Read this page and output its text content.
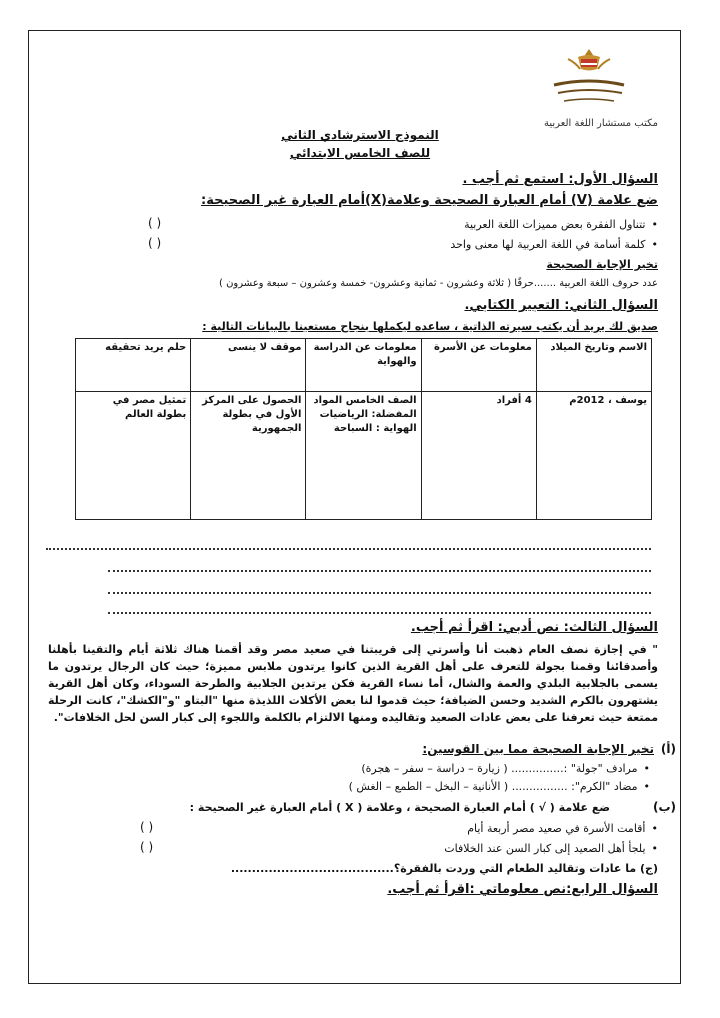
مكتب مستشار اللغة العربية
النموذج الاسترشادي الثاني
للصف الخامس الابتدائي
السؤال الأول: استمع ثم أجب .
ضع علامة (V) أمام العبارة الصحيحة وعلامة(X)أمام العبارة غير الصحيحة:
• تتناول الفقرة بعض مميزات اللغة العربية
( )
• كلمة أسامة في اللغة العربية لها معنى واحد
( )
تخير الإجابة الصحيحة
عدد حروف اللغة العربية .......حرفًا ( ثلاثة وعشرون - ثمانية وعشرون- خمسة وعشرون – سبعة وعشرون )
السؤال الثاني: التعبير الكتابي.
صديق لك يريد أن يكتب سيرته الذاتية ، ساعده ليكملها بنجاح مستعينا بالبيانات التالية :
الاسم وتاريخ الميلاد	معلومات عن الأسرة	معلومات عن الدراسة والهواية	موقف لا ينسى	حلم يريد تحقيقه
يوسف ، 2012م	4 أفراد	الصف الخامس المواد المفضلة: الرياضيات الهواية : السباحة	الحصول على المركز الأول في بطولة الجمهورية	تمثيل مصر في بطولة العالم
السؤال الثالث: نص أدبي: اقرأ ثم أجب.
" في إجازة نصف العام ذهبت أنا وأسرتي إلى قريبتنا في صعيد مصر وقد أقمنا هناك ثلاثة أيام والتقينا بأهلنا وأصدقائنا وقمنا بجولة للتعرف على أهل القرية الذين كانوا يرتدون ملابس مميزة؛ حيث كان الرجال يرتدون ما يسمى بالجلابية البلدي والعمة والشال، أما نساء القرية فكن يرتدين الجلابية والطرحة السوداء، وكان أهل القرية يشتهرون بالكرم الشديد وحسن الضيافة؛ حيث قدموا لنا بعض الأكلات اللذيذة منها "البتاو "و"الكشك"، كانت الرحلة ممتعة حيث تعرفنا على بعض عادات الصعيد وتقاليده ومنها الالتزام بالكلمة واللجوء إلى كبار السن لحل الخلافات".
(أ)
تخير الإجابة الصحيحة مما بين القوسين:
• مرادف "جولة" :............... ( زيارة – دراسة – سفر – هجرة)
• مضاد "الكرم": ................ ( الأنانية – البخل – الطمع – الغش )
(ب)
ضع علامة ( √ ) أمام العبارة الصحيحة ، وعلامة ( X ) أمام العبارة غير الصحيحة :
• أقامت الأسرة في صعيد مصر أربعة أيام
( )
• يلجأ أهل الصعيد إلى كبار السن عند الخلافات
( )
(ج) ما عادات وتقاليد الطعام التي وردت بالفقرة؟.......................................
السؤال الرابع:نص معلوماتي :اقرأ ثم أجب.
